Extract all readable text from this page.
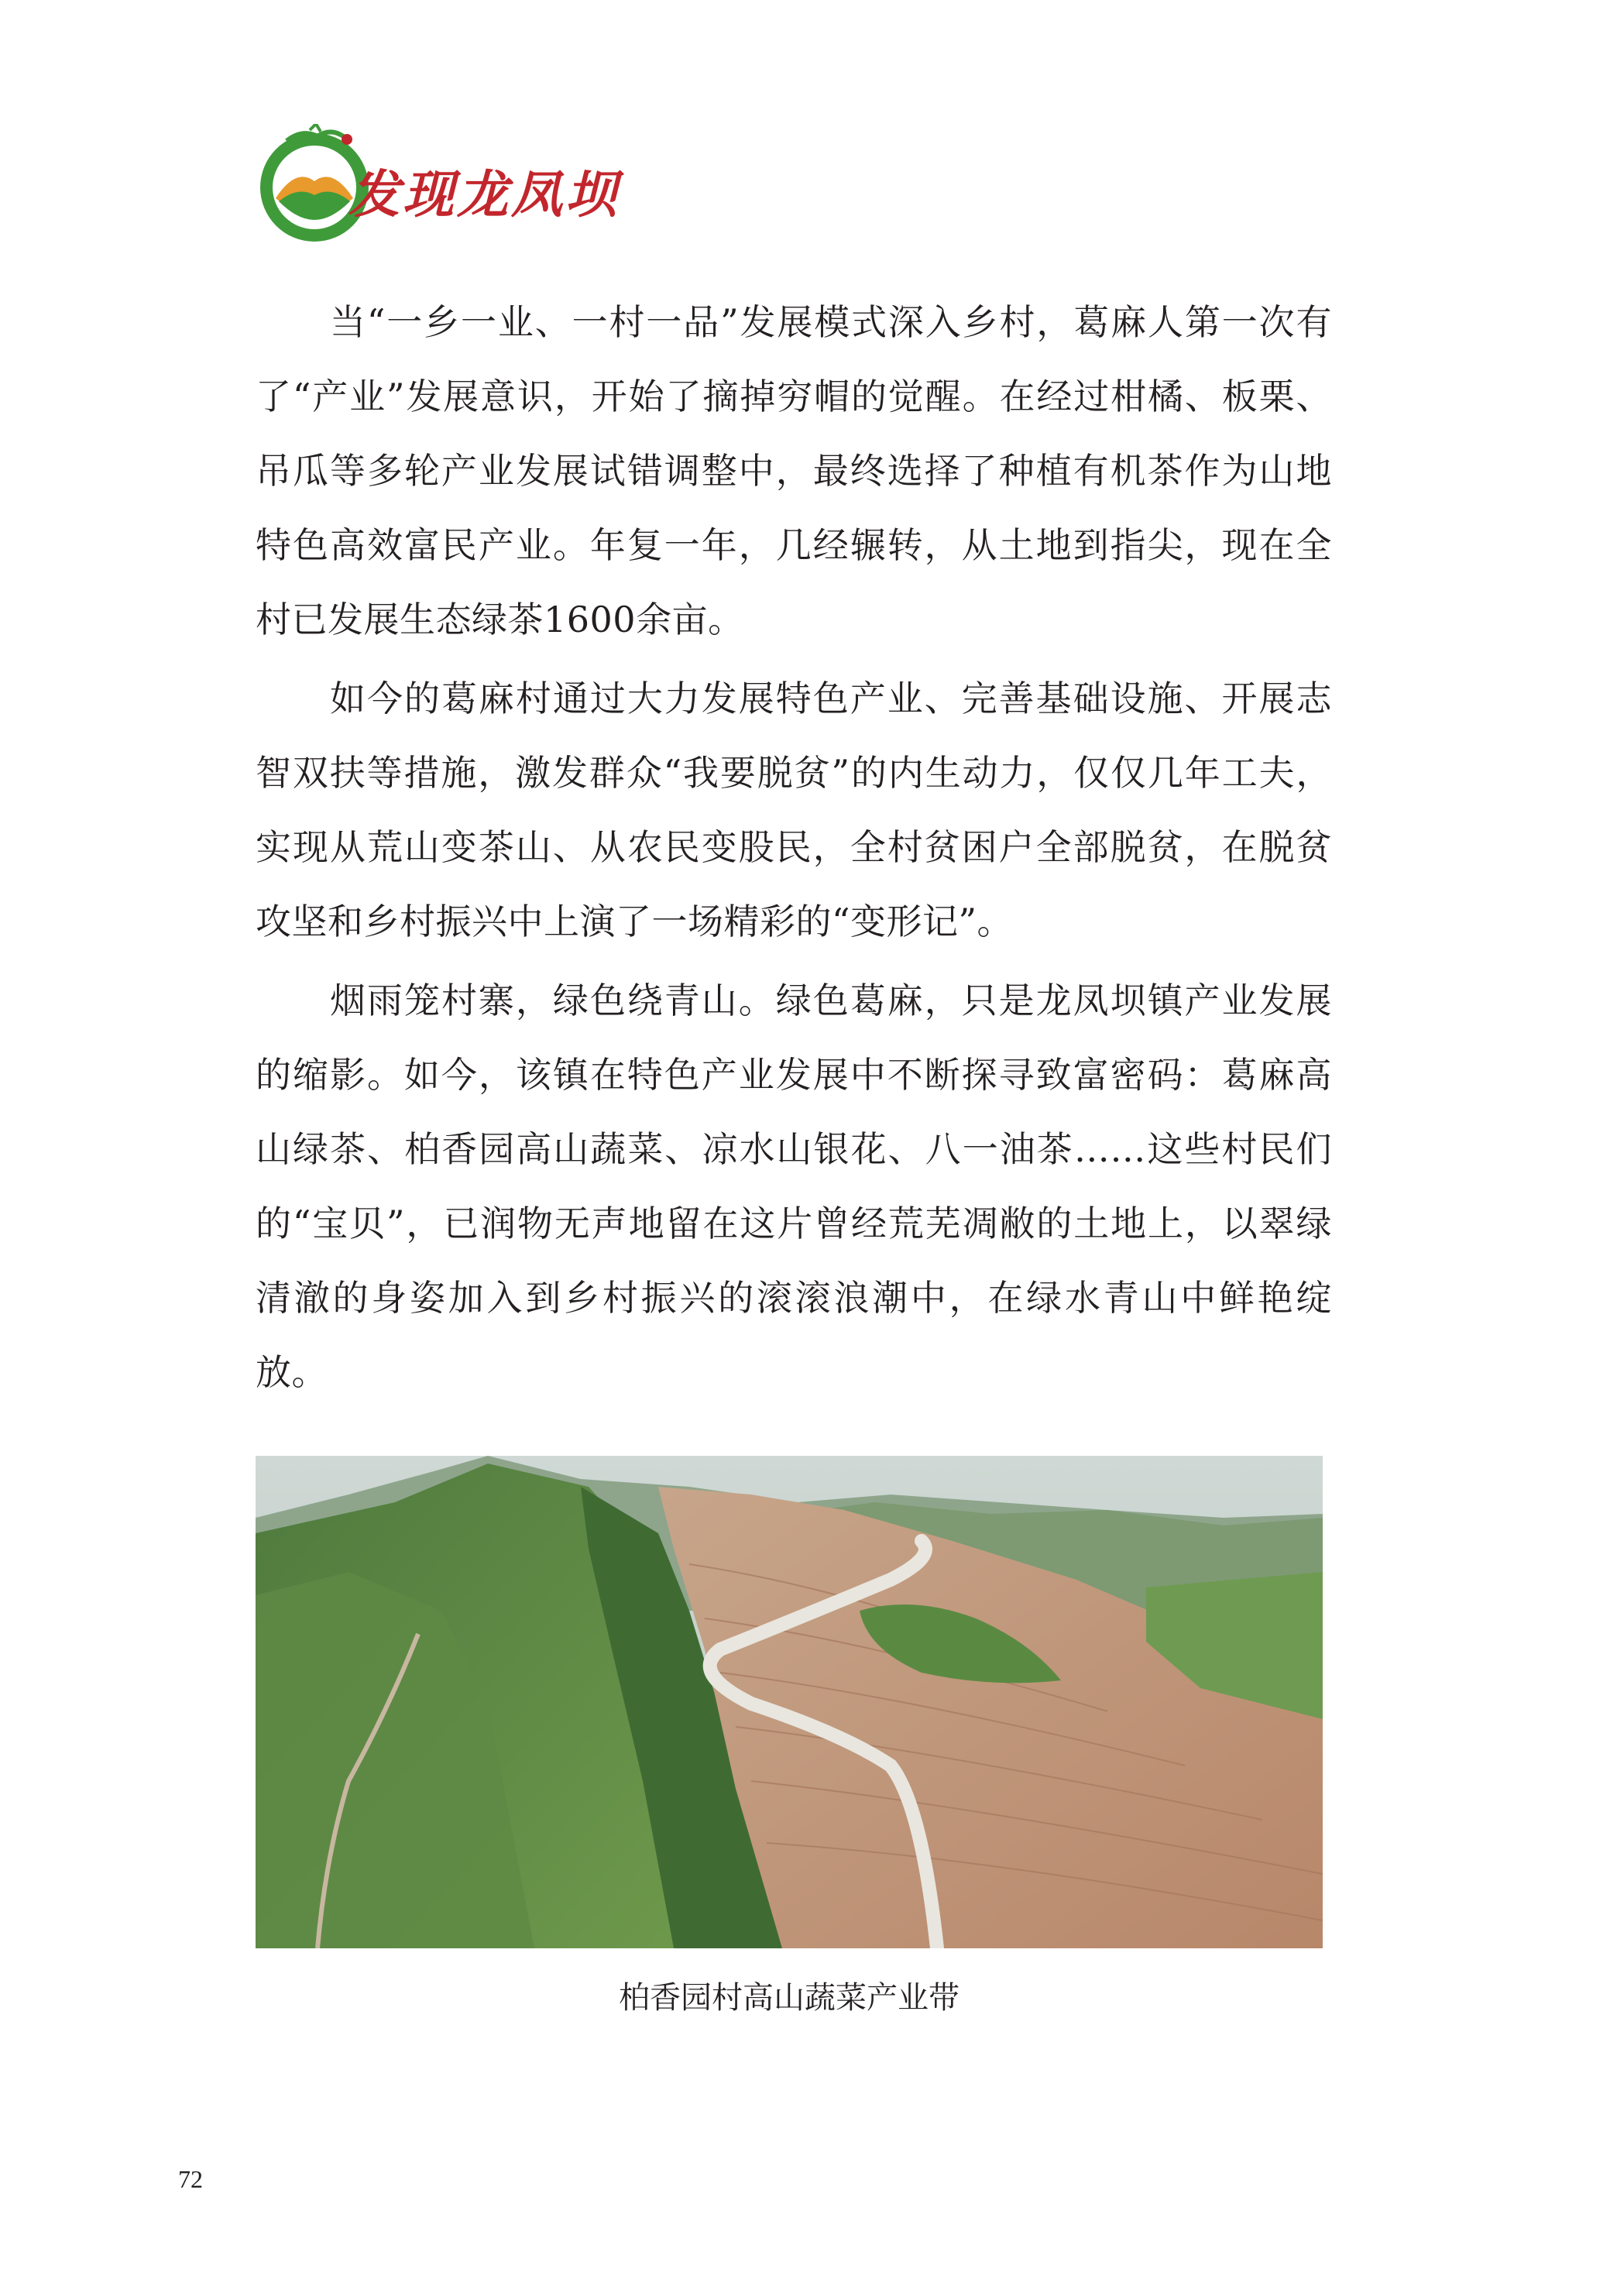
发现龙凤坝

当“一乡一业、一村一品”发展模式深入乡村，葛麻人第一次有了“产业”发展意识，开始了摘掉穷帽的觉醒。在经过柑橘、板栗、吊瓜等多轮产业发展试错调整中，最终选择了种植有机茶作为山地特色高效富民产业。年复一年，几经辗转，从土地到指尖，现在全村已发展生态绿茶1600余亩。

如今的葛麻村通过大力发展特色产业、完善基础设施、开展志智双扶等措施，激发群众“我要脱贫”的内生动力，仅仅几年工夫，实现从荒山变茶山、从农民变股民，全村贫困户全部脱贫，在脱贫攻坚和乡村振兴中上演了一场精彩的“变形记”。

烟雨笼村寨，绿色绕青山。绿色葛麻，只是龙凤坝镇产业发展的缩影。如今，该镇在特色产业发展中不断探寻致富密码：葛麻高山绿茶、柏香园高山蔬菜、凉水山银花、八一油茶……这些村民们的“宝贝”，已润物无声地留在这片曾经荒芜凋敝的土地上，以翠绿清澈的身姿加入到乡村振兴的滚滚浪潮中，在绿水青山中鲜艳绽放。

柏香园村高山蔬菜产业带
72
